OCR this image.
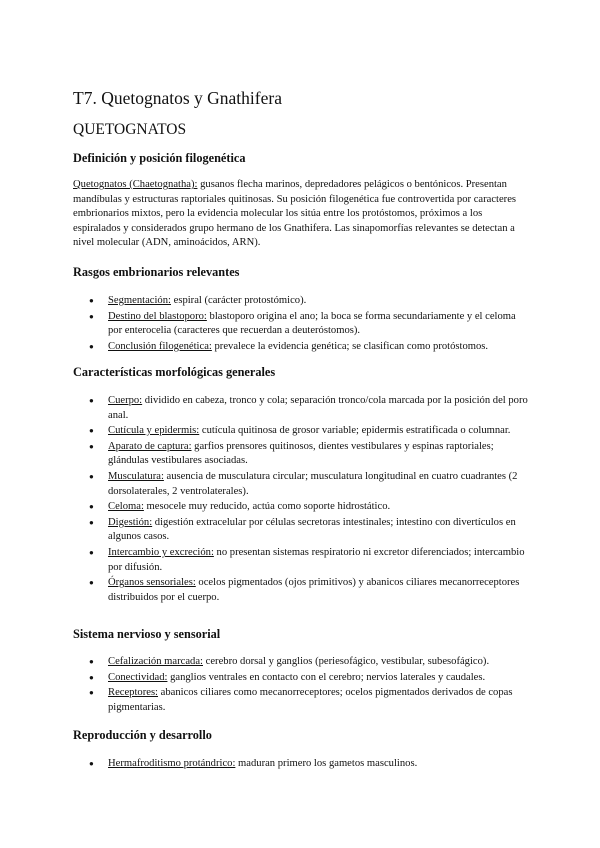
T7. Quetognatos y Gnathifera
QUETOGNATOS
Definición y posición filogenética

Quetognatos (Chaetognatha): gusanos flecha marinos, depredadores pelágicos o bentónicos. Presentan mandíbulas y estructuras raptoriales quitinosas. Su posición filogenética fue controvertida por caracteres embrionarios mixtos, pero la evidencia molecular los sitúa entre los protóstomos, próximos a los espiralados y considerados grupo hermano de los Gnathifera. Las sinapomorfías relevantes se detectan a nivel molecular (ADN, aminoácidos, ARN).

Rasgos embrionarios relevantes
● Segmentación: espiral (carácter protostómico).
● Destino del blastoporo: blastoporo origina el ano; la boca se forma secundariamente y el celoma por enterocelia (caracteres que recuerdan a deuteróstomos).
● Conclusión filogenética: prevalece la evidencia genética; se clasifican como protóstomos.
Características morfológicas generales
● Cuerpo: dividido en cabeza, tronco y cola; separación tronco/cola marcada por la posición del poro anal.
● Cutícula y epidermis: cutícula quitinosa de grosor variable; epidermis estratificada o columnar.
● Aparato de captura: garfios prensores quitinosos, dientes vestibulares y espinas raptoriales; glándulas vestibulares asociadas.
● Musculatura: ausencia de musculatura circular; musculatura longitudinal en cuatro cuadrantes (2 dorsolaterales, 2 ventrolaterales).
● Celoma: mesocele muy reducido, actúa como soporte hidrostático.
● Digestión: digestión extracelular por células secretoras intestinales; intestino con divertículos en algunos casos.
● Intercambio y excreción: no presentan sistemas respiratorio ni excretor diferenciados; intercambio por difusión.
● Órganos sensoriales: ocelos pigmentados (ojos primitivos) y abanicos ciliares mecanorreceptores distribuidos por el cuerpo.
Sistema nervioso y sensorial
● Cefalización marcada: cerebro dorsal y ganglios (periesofágico, vestibular, subesofágico).
● Conectividad: ganglios ventrales en contacto con el cerebro; nervios laterales y caudales.
● Receptores: abanicos ciliares como mecanorreceptores; ocelos pigmentados derivados de copas pigmentarias.
Reproducción y desarrollo
● Hermafroditismo protándrico: maduran primero los gametos masculinos.
